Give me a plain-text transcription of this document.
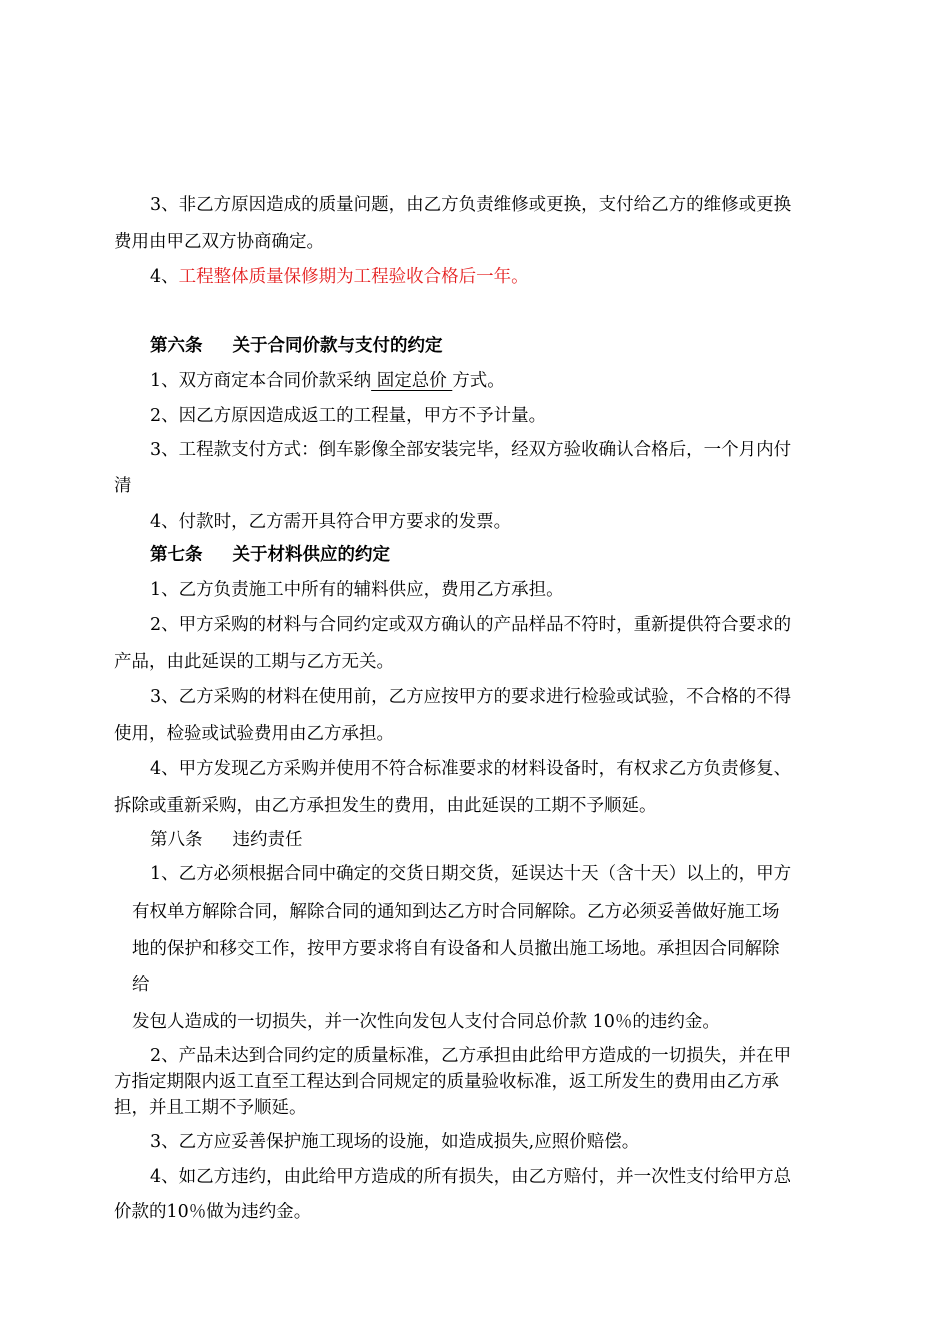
3、非乙方原因造成的质量问题，由乙方负责维修或更换，支付给乙方的维修或更换
费用由甲乙双方协商确定。
4、工程整体质量保修期为工程验收合格后一年。
第六条 关于合同价款与支付的约定
1、双方商定本合同价款采纳 固定总价 方式。
2、因乙方原因造成返工的工程量，甲方不予计量。
3、工程款支付方式：倒车影像全部安装完毕，经双方验收确认合格后，一个月内付
清
4、付款时，乙方需开具符合甲方要求的发票。
第七条 关于材料供应的约定
1、乙方负责施工中所有的辅料供应，费用乙方承担。
2、甲方采购的材料与合同约定或双方确认的产品样品不符时，重新提供符合要求的
产品，由此延误的工期与乙方无关。
3、乙方采购的材料在使用前，乙方应按甲方的要求进行检验或试验，不合格的不得
使用，检验或试验费用由乙方承担。
4、甲方发现乙方采购并使用不符合标准要求的材料设备时，有权求乙方负责修复、
拆除或重新采购，由乙方承担发生的费用，由此延误的工期不予顺延。
第八条 违约责任
1、乙方必须根据合同中确定的交货日期交货，延误达十天（含十天）以上的，甲方
有权单方解除合同，解除合同的通知到达乙方时合同解除。乙方必须妥善做好施工场
地的保护和移交工作，按甲方要求将自有设备和人员撤出施工场地。承担因合同解除
给
发包人造成的一切损失，并一次性向发包人支付合同总价款 10％的违约金。
2、产品未达到合同约定的质量标准，乙方承担由此给甲方造成的一切损失，并在甲
方指定期限内返工直至工程达到合同规定的质量验收标准，返工所发生的费用由乙方承
担，并且工期不予顺延。
3、乙方应妥善保护施工现场的设施，如造成损失,应照价赔偿。
4、如乙方违约，由此给甲方造成的所有损失，由乙方赔付，并一次性支付给甲方总
价款的10％做为违约金。
